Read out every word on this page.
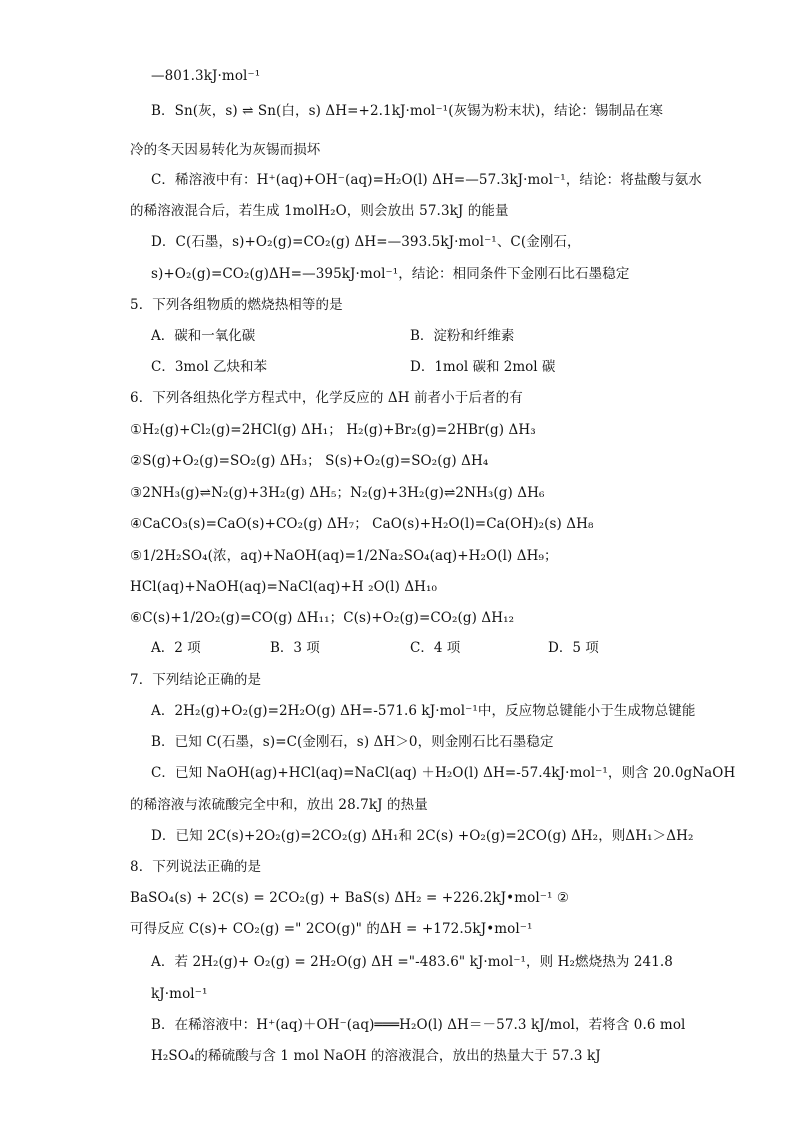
—801.3kJ·mol⁻¹
B．Sn(灰，s) ⇌ Sn(白，s) ΔH=+2.1kJ·mol⁻¹(灰锡为粉末状)，结论：锡制品在寒
冷的冬天因易转化为灰锡而损坏
C．稀溶液中有：H⁺(aq)+OH⁻(aq)=H₂O(l) ΔH=—57.3kJ·mol⁻¹，结论：将盐酸与氨水
的稀溶液混合后，若生成 1molH₂O，则会放出 57.3kJ 的能量
D．C(石墨，s)+O₂(g)=CO₂(g) ΔH=—393.5kJ·mol⁻¹、C(金刚石，
s)+O₂(g)=CO₂(g)ΔH=—395kJ·mol⁻¹，结论：相同条件下金刚石比石墨稳定
5．下列各组物质的燃烧热相等的是
A．碳和一氧化碳	B．淀粉和纤维素
C．3mol 乙炔和苯	D．1mol 碳和 2mol 碳
6．下列各组热化学方程式中，化学反应的 ΔH 前者小于后者的有
①H₂(g)+Cl₂(g)=2HCl(g) ΔH₁； H₂(g)+Br₂(g)=2HBr(g) ΔH₃
②S(g)+O₂(g)=SO₂(g) ΔH₃； S(s)+O₂(g)=SO₂(g) ΔH₄
③2NH₃(g)⇌N₂(g)+3H₂(g) ΔH₅；N₂(g)+3H₂(g)⇌2NH₃(g) ΔH₆
④CaCO₃(s)=CaO(s)+CO₂(g) ΔH₇； CaO(s)+H₂O(l)=Ca(OH)₂(s) ΔH₈
⑤1/2H₂SO₄(浓，aq)+NaOH(aq)=1/2Na₂SO₄(aq)+H₂O(l) ΔH₉；
HCl(aq)+NaOH(aq)=NaCl(aq)+H ₂O(l) ΔH₁₀
⑥C(s)+1/2O₂(g)=CO(g) ΔH₁₁；C(s)+O₂(g)=CO₂(g) ΔH₁₂
A．2 项	B．3 项	C．4 项	D．5 项
7．下列结论正确的是
A．2H₂(g)+O₂(g)=2H₂O(g) ΔH=-571.6 kJ·mol⁻¹中，反应物总键能小于生成物总键能
B．已知 C(石墨，s)=C(金刚石，s) ΔH＞0，则金刚石比石墨稳定
C．已知 NaOH(ag)+HCl(aq)=NaCl(aq) ＋H₂O(l) ΔH=-57.4kJ·mol⁻¹，则含 20.0gNaOH
的稀溶液与浓硫酸完全中和，放出 28.7kJ 的热量
D．已知 2C(s)+2O₂(g)=2CO₂(g) ΔH₁和 2C(s) +O₂(g)=2CO(g) ΔH₂，则ΔH₁＞ΔH₂
8．下列说法正确的是
BaSO₄(s) + 2C(s) = 2CO₂(g) + BaS(s) ΔH₂ = +226.2kJ•mol⁻¹ ②
可得反应 C(s)+ CO₂(g) =" 2CO(g)" 的ΔH = +172.5kJ•mol⁻¹
A．若 2H₂(g)+ O₂(g) = 2H₂O(g) ΔH ="-483.6" kJ·mol⁻¹，则 H₂燃烧热为 241.8
kJ·mol⁻¹
B．在稀溶液中：H⁺(aq)＋OH⁻(aq)═══H₂O(l) ΔH＝－57.3 kJ/mol，若将含 0.6 mol
H₂SO₄的稀硫酸与含 1 mol NaOH 的溶液混合，放出的热量大于 57.3 kJ
